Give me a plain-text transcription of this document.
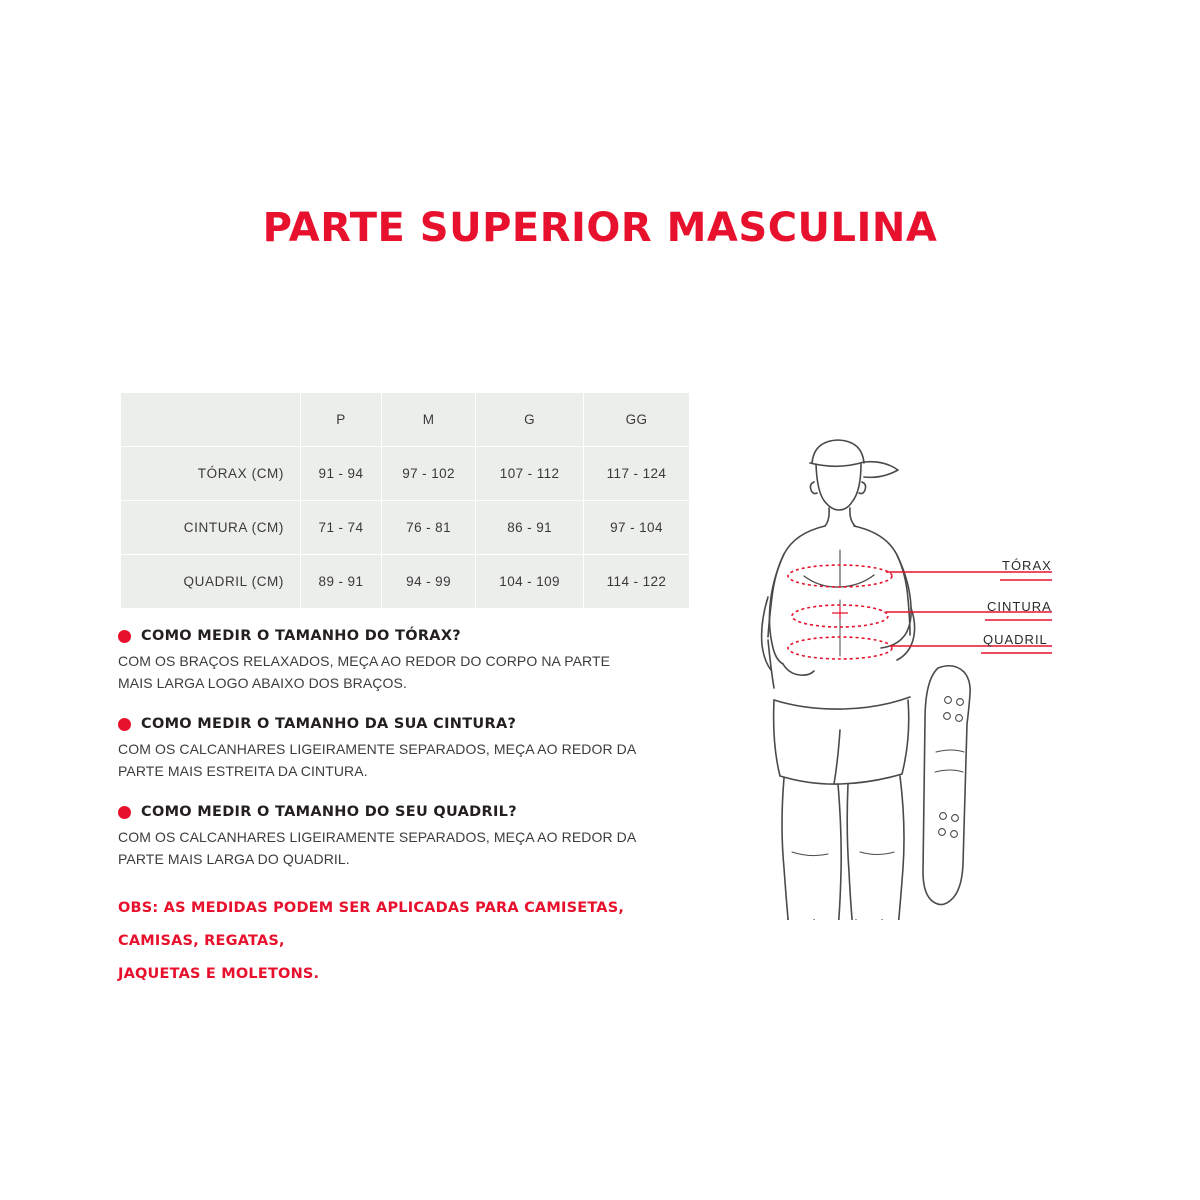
PARTE SUPERIOR MASCULINA
	P	M	G	GG
TÓRAX (CM)	91 - 94	97 - 102	107 - 112	117 - 124
CINTURA (CM)	71 - 74	76 - 81	86 - 91	97 - 104
QUADRIL (CM)	89 - 91	94 - 99	104 - 109	114 - 122
COMO MEDIR O TAMANHO DO TÓRAX?

COM OS BRAÇOS RELAXADOS, MEÇA AO REDOR DO CORPO NA PARTE MAIS LARGA LOGO ABAIXO DOS BRAÇOS.

COMO MEDIR O TAMANHO DA SUA CINTURA?

COM OS CALCANHARES LIGEIRAMENTE SEPARADOS, MEÇA AO REDOR DA PARTE MAIS ESTREITA DA CINTURA.

COMO MEDIR O TAMANHO DO SEU QUADRIL?

COM OS CALCANHARES LIGEIRAMENTE SEPARADOS, MEÇA AO REDOR DA PARTE MAIS LARGA DO QUADRIL.

OBS: AS MEDIDAS PODEM SER APLICADAS PARA CAMISETAS, CAMISAS, REGATAS,
JAQUETAS E MOLETONS.
TÓRAX
CINTURA
QUADRIL
